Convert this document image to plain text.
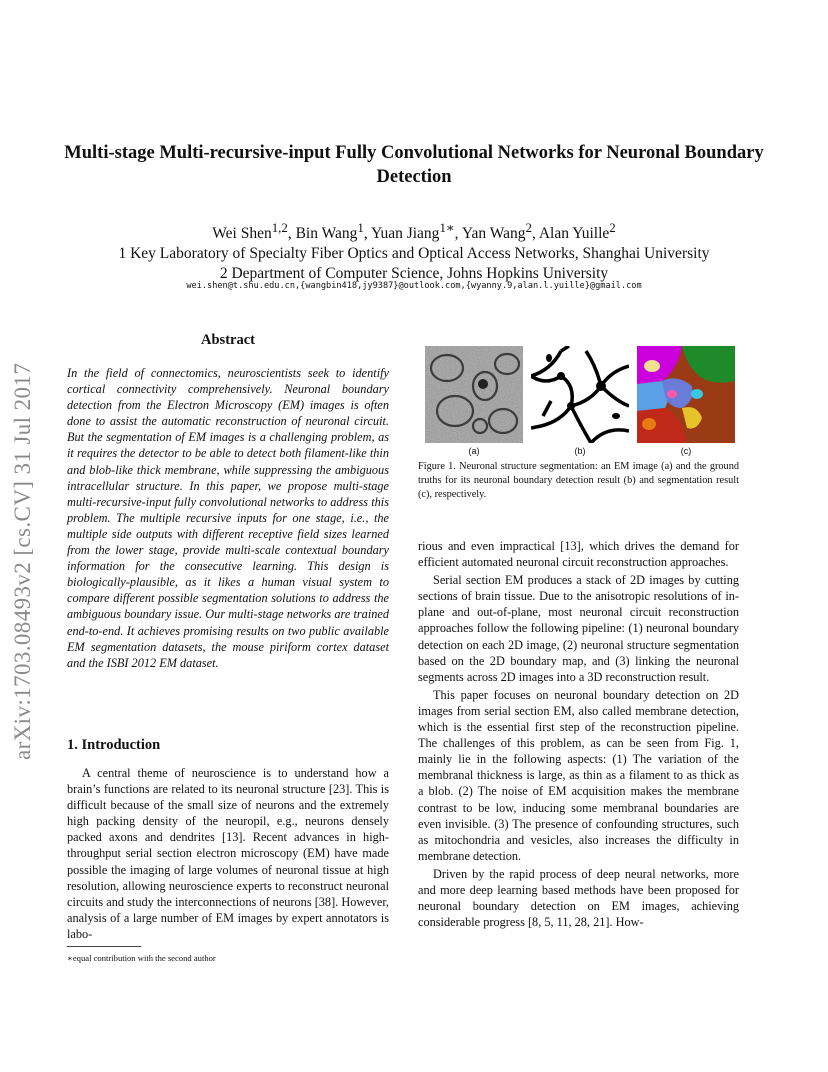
arXiv:1703.08493v2 [cs.CV] 31 Jul 2017
Multi-stage Multi-recursive-input Fully Convolutional Networks for Neuronal Boundary Detection
Wei Shen$^{1,2}$, Bin Wang$^1$, Yuan Jiang$^{1∗}$, Yan Wang$^2$, Alan Yuille$^2$
1 Key Laboratory of Specialty Fiber Optics and Optical Access Networks, Shanghai University
2 Department of Computer Science, Johns Hopkins University
wei.shen@t.shu.edu.cn,{wangbin418,jy9387}@outlook.com,{wyanny.9,alan.l.yuille}@gmail.com
Abstract
In the field of connectomics, neuroscientists seek to identify cortical connectivity comprehensively. Neuronal boundary detection from the Electron Microscopy (EM) images is often done to assist the automatic reconstruction of neuronal circuit. But the segmentation of EM images is a challenging problem, as it requires the detector to be able to detect both filament-like thin and blob-like thick membrane, while suppressing the ambiguous intracellular structure. In this paper, we propose multi-stage multi-recursive-input fully convolutional networks to address this problem. The multiple recursive inputs for one stage, i.e., the multiple side outputs with different receptive field sizes learned from the lower stage, provide multi-scale contextual boundary information for the consecutive learning. This design is biologically-plausible, as it likes a human visual system to compare different possible segmentation solutions to address the ambiguous boundary issue. Our multi-stage networks are trained end-to-end. It achieves promising results on two public available EM segmentation datasets, the mouse piriform cortex dataset and the ISBI 2012 EM dataset.
1. Introduction

A central theme of neuroscience is to understand how a brain’s functions are related to its neuronal structure [23]. This is difficult because of the small size of neurons and the extremely high packing density of the neuropil, e.g., neurons densely packed axons and dendrites [13]. Recent advances in high-throughput serial section electron microscopy (EM) have made possible the imaging of large volumes of neuronal tissue at high resolution, allowing neuroscience experts to reconstruct neuronal circuits and study the interconnections of neurons [38]. However, analysis of a large number of EM images by expert annotators is labo-

∗equal contribution with the second author
(a)	(b)	(c)
Figure 1. Neuronal structure segmentation: an EM image (a) and the ground truths for its neuronal boundary detection result (b) and segmentation result (c), respectively.

rious and even impractical [13], which drives the demand for efficient automated neuronal circuit reconstruction approaches.

Serial section EM produces a stack of 2D images by cutting sections of brain tissue. Due to the anisotropic resolutions of in-plane and out-of-plane, most neuronal circuit reconstruction approaches follow the following pipeline: (1) neuronal boundary detection on each 2D image, (2) neuronal structure segmentation based on the 2D boundary map, and (3) linking the neuronal segments across 2D images into a 3D reconstruction result.

This paper focuses on neuronal boundary detection on 2D images from serial section EM, also called membrane detection, which is the essential first step of the reconstruction pipeline. The challenges of this problem, as can be seen from Fig. 1, mainly lie in the following aspects: (1) The variation of the membranal thickness is large, as thin as a filament to as thick as a blob. (2) The noise of EM acquisition makes the membrane contrast to be low, inducing some membranal boundaries are even invisible. (3) The presence of confounding structures, such as mitochondria and vesicles, also increases the difficulty in membrane detection.

Driven by the rapid process of deep neural networks, more and more deep learning based methods have been proposed for neuronal boundary detection on EM images, achieving considerable progress [8, 5, 11, 28, 21]. How-
